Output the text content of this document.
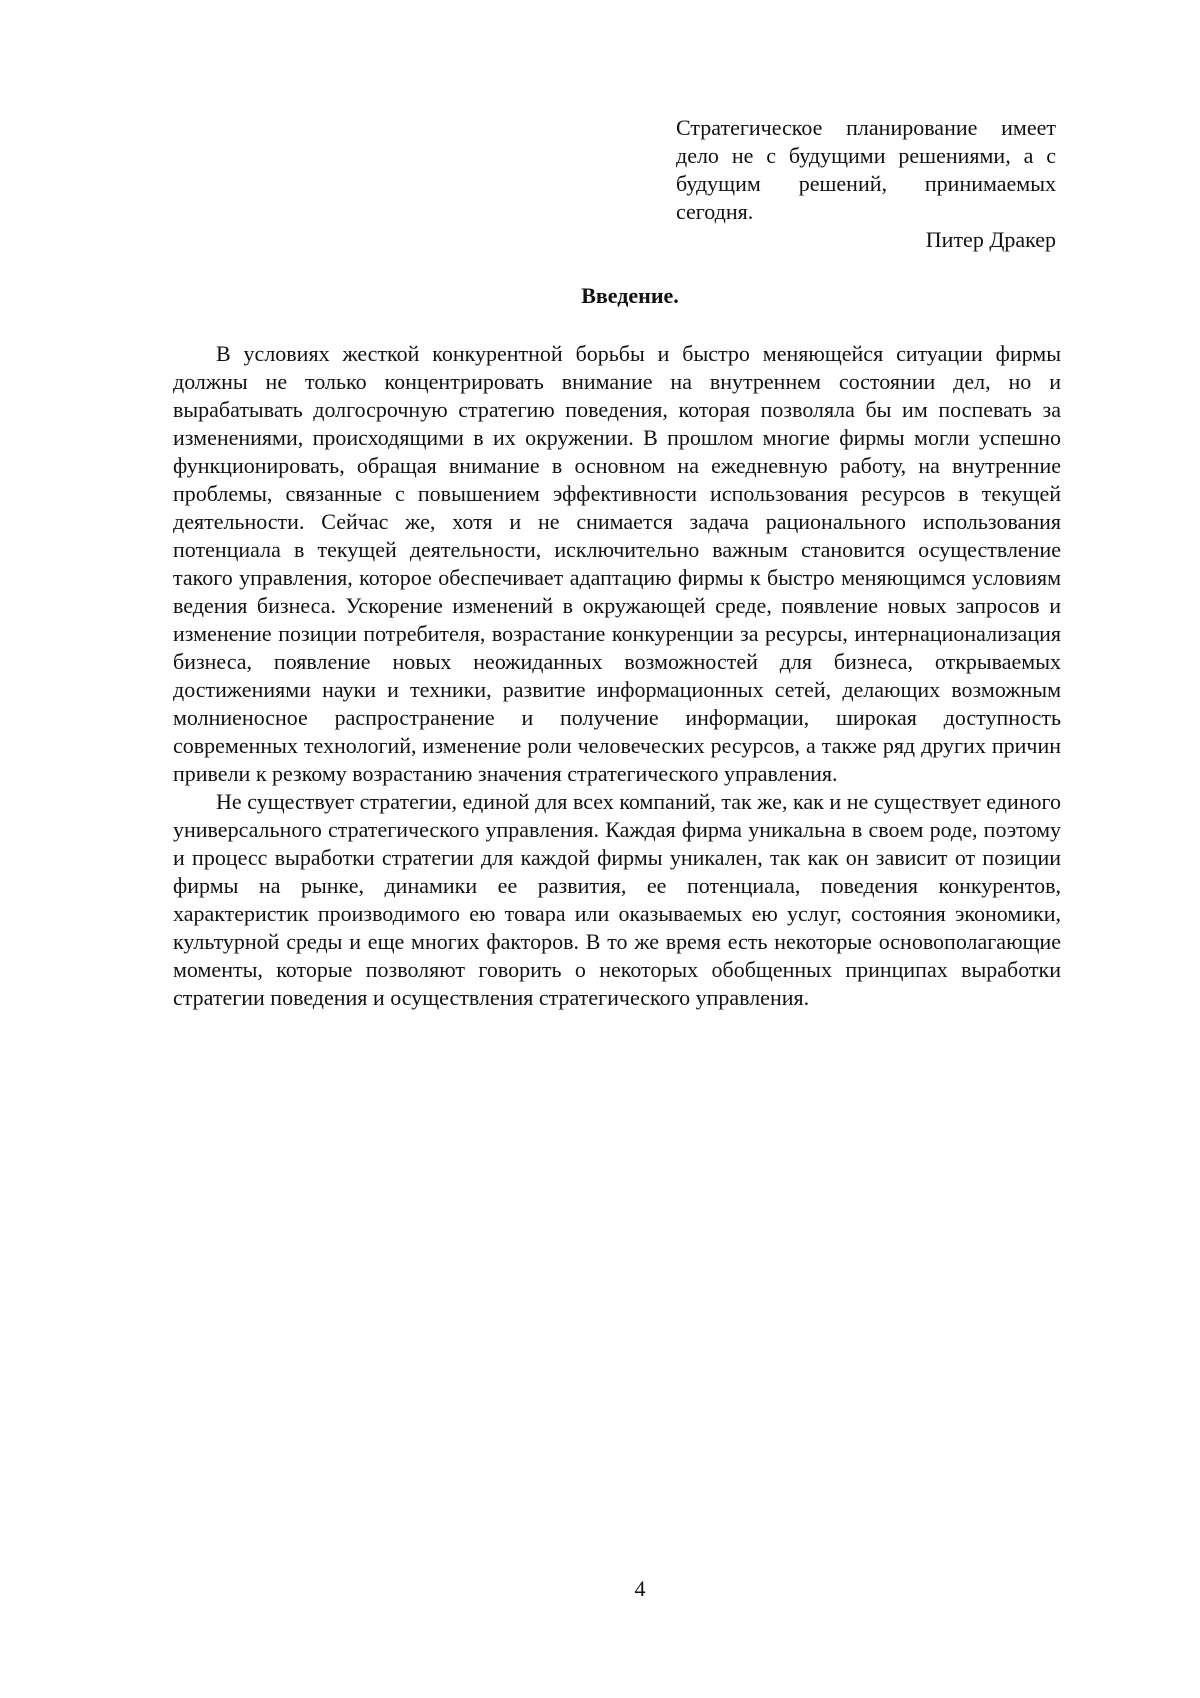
Стратегическое планирование имеет дело не с будущими решениями, а с будущим решений, принимаемых сегодня.

Питер Дракер

Введение.

В условиях жесткой конкурентной борьбы и быстро меняющейся ситуации фирмы должны не только концентрировать внимание на внутреннем состоянии дел, но и вырабатывать долгосрочную стратегию поведения, которая позволяла бы им поспевать за изменениями, происходящими в их окружении. В прошлом многие фирмы могли успешно функционировать, обращая внимание в основном на ежедневную работу, на внутренние проблемы, связанные с повышением эффективности использования ресурсов в текущей деятельности. Сейчас же, хотя и не снимается задача рационального использования потенциала в текущей деятельности, исключительно важным становится осуществление такого управления, которое обеспечивает адаптацию фирмы к быстро меняющимся условиям ведения бизнеса. Ускорение изменений в окружающей среде, появление новых запросов и изменение позиции потребителя, возрастание конкуренции за ресурсы, интернационализация бизнеса, появление новых неожиданных возможностей для бизнеса, открываемых достижениями науки и техники, развитие информационных сетей, делающих возможным молниеносное распространение и получение информации, широкая доступность современных технологий, изменение роли человеческих ресурсов, а также ряд других причин привели к резкому возрастанию значения стратегического управления.

Не существует стратегии, единой для всех компаний, так же, как и не существует единого универсального стратегического управления. Каждая фирма уникальна в своем роде, поэтому и процесс выработки стратегии для каждой фирмы уникален, так как он зависит от позиции фирмы на рынке, динамики ее развития, ее потенциала, поведения конкурентов, характеристик производимого ею товара или оказываемых ею услуг, состояния экономики, культурной среды и еще многих факторов. В то же время есть некоторые основополагающие моменты, которые позволяют говорить о некоторых обобщенных принципах выработки стратегии поведения и осуществления стратегического управления.

4
